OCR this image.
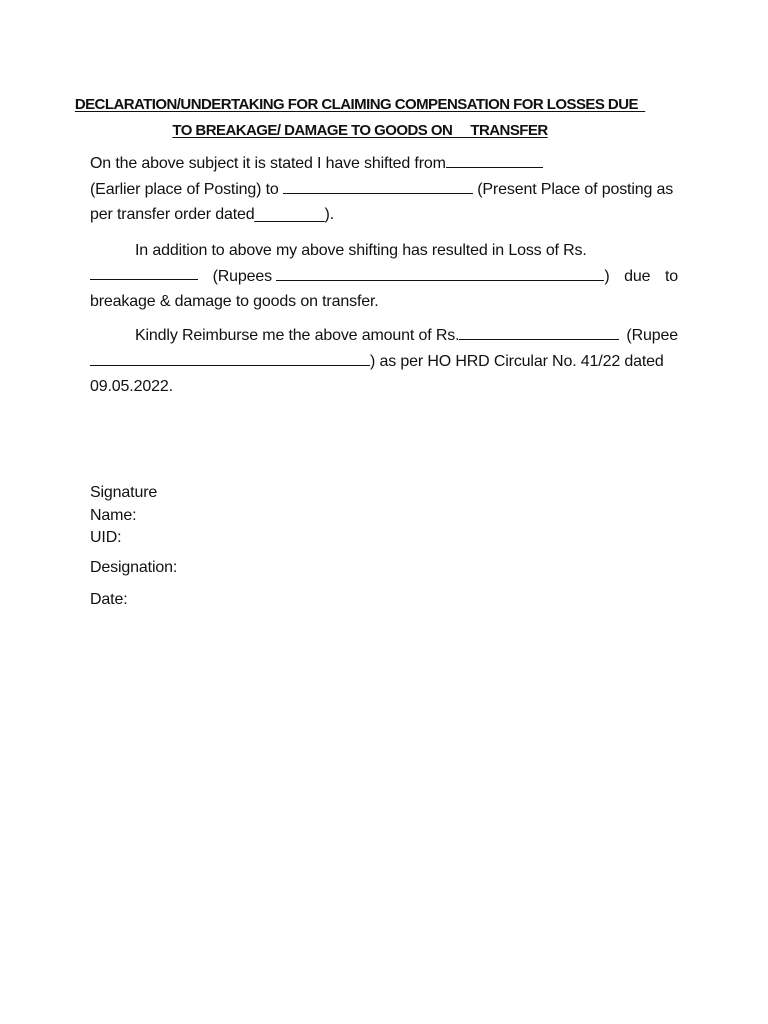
DECLARATION/UNDERTAKING FOR CLAIMING COMPENSATION FOR LOSSES DUE
TO BREAKAGE/ DAMAGE TO GOODS ON     TRANSFER
On the above subject it is stated I have shifted from
(Earlier place of Posting) to	(Present Place of posting as
per transfer order dated________).
In addition to above my above shifting has resulted in Loss of Rs.
(Rupees	) due to
breakage & damage to goods on transfer.
Kindly Reimburse me the above amount of Rs.	(Rupee
) as per HO HRD Circular No. 41/22 dated
09.05.2022.
Signature
Name:
UID:
Designation:
Date:
